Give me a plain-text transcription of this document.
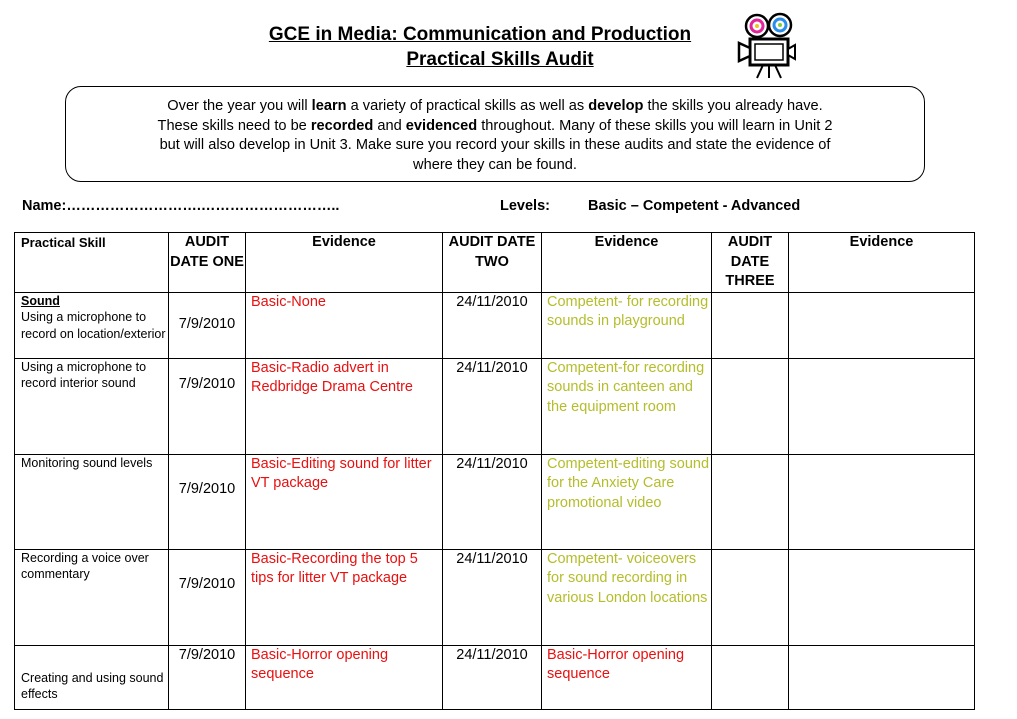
GCE in Media: Communication and Production
Practical Skills Audit
Over the year you will learn a variety of practical skills as well as develop the skills you already have.
These skills need to be recorded and evidenced throughout. Many of these skills you will learn in Unit 2
but will also develop in Unit 3. Make sure you record your skills in these audits and state the evidence of
where they can be found.
Name:……………………….………………………..	Levels:	Basic – Competent - Advanced
Practical Skill	AUDIT DATE ONE	Evidence	AUDIT DATE TWO	Evidence	AUDIT DATE THREE	Evidence

Sound
Using a microphone to record on location/exterior	7/9/2010	Basic-None	24/11/2010	Competent- for recording sounds in playground		
Using a microphone to record interior sound	7/9/2010	Basic-Radio advert in Redbridge Drama Centre	24/11/2010	Competent-for recording sounds in canteen and the equipment room		
Monitoring sound levels	7/9/2010	Basic-Editing sound for litter VT package	24/11/2010	Competent-editing sound for the Anxiety Care promotional video		
Recording a voice over commentary	7/9/2010	Basic-Recording the top 5 tips for litter VT package	24/11/2010	Competent- voiceovers for sound recording in various London locations		
Creating and using sound effects	7/9/2010	Basic-Horror opening sequence	24/11/2010	Basic-Horror opening sequence		
